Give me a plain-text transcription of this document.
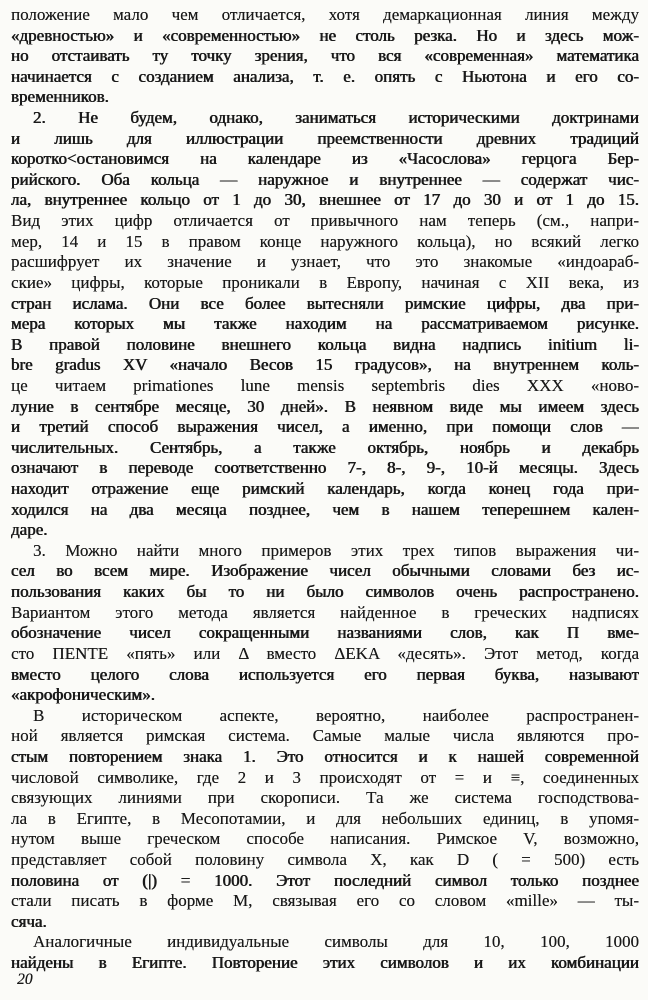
положение мало чем отличается, хотя демаркационная линия между
«древностью» и «современностью» не столь резка. Но и здесь мож-
но отстаивать ту точку зрения, что вся «современная» математика
начинается с созданием анализа, т. е. опять с Ньютона и его со-
временников.
2. Не будем, однако, заниматься историческими доктринами
и лишь для иллюстрации преемственности древних традиций
коротко<остановимся на календаре из «Часослова» герцога Бер-
рийского. Оба кольца — наружное и внутреннее — содержат чис-
ла, внутреннее кольцо от 1 до 30, внешнее от 17 до 30 и от 1 до 15.
Вид этих цифр отличается от привычного нам теперь (см., напри-
мер, 14 и 15 в правом конце наружного кольца), но всякий легко
расшифрует их значение и узнает, что это знакомые «индоараб-
ские» цифры, которые проникали в Европу, начиная с XII века, из
стран ислама. Они все более вытесняли римские цифры, два при-
мера которых мы также находим на рассматриваемом рисунке.
В правой половине внешнего кольца видна надпись initium li-
bre gradus XV «начало Весов 15 градусов», на внутреннем коль-
це читаем primationes lune mensis septembris dies XXX «ново-
луние в сентябре месяце, 30 дней». В неявном виде мы имеем здесь
и третий способ выражения чисел, а именно, при помощи слов —
числительных. Сентябрь, а также октябрь, ноябрь и декабрь
означают в переводе соответственно 7-, 8-, 9-, 10-й месяцы. Здесь
находит отражение еще римский календарь, когда конец года при-
ходился на два месяца позднее, чем в нашем теперешнем кален-
даре.
3. Можно найти много примеров этих трех типов выражения чи-
сел во всем мире. Изображение чисел обычными словами без ис-
пользования каких бы то ни было символов очень распространено.
Вариантом этого метода является найденное в греческих надписях
обозначение чисел сокращенными названиями слов, как Π вме-
сто ΠΕΝΤΕ «пять» или Δ вместо ΔΕΚΑ «десять». Этот метод, когда
вместо целого слова используется его первая буква, называют
«акрофоническим».
В историческом аспекте, вероятно, наиболее распространен-
ной является римская система. Самые малые числа являются про-
стым повторением знака 1. Это относится и к нашей современной
числовой символике, где 2 и 3 происходят от = и ≡, соединенных
связующих линиями при скорописи. Та же система господствова-
ла в Египте, в Месопотамии, и для небольших единиц, в упомя-
нутом выше греческом способе написания. Римское V, возможно,
представляет собой половину символа X, как D ( = 500) есть
половина от (|) = 1000. Этот последний символ только позднее
стали писать в форме М, связывая его со словом «mille» — ты-
сяча.
Аналогичные индивидуальные символы для 10, 100, 1000
найдены в Египте. Повторение этих символов и их комбинации
20
